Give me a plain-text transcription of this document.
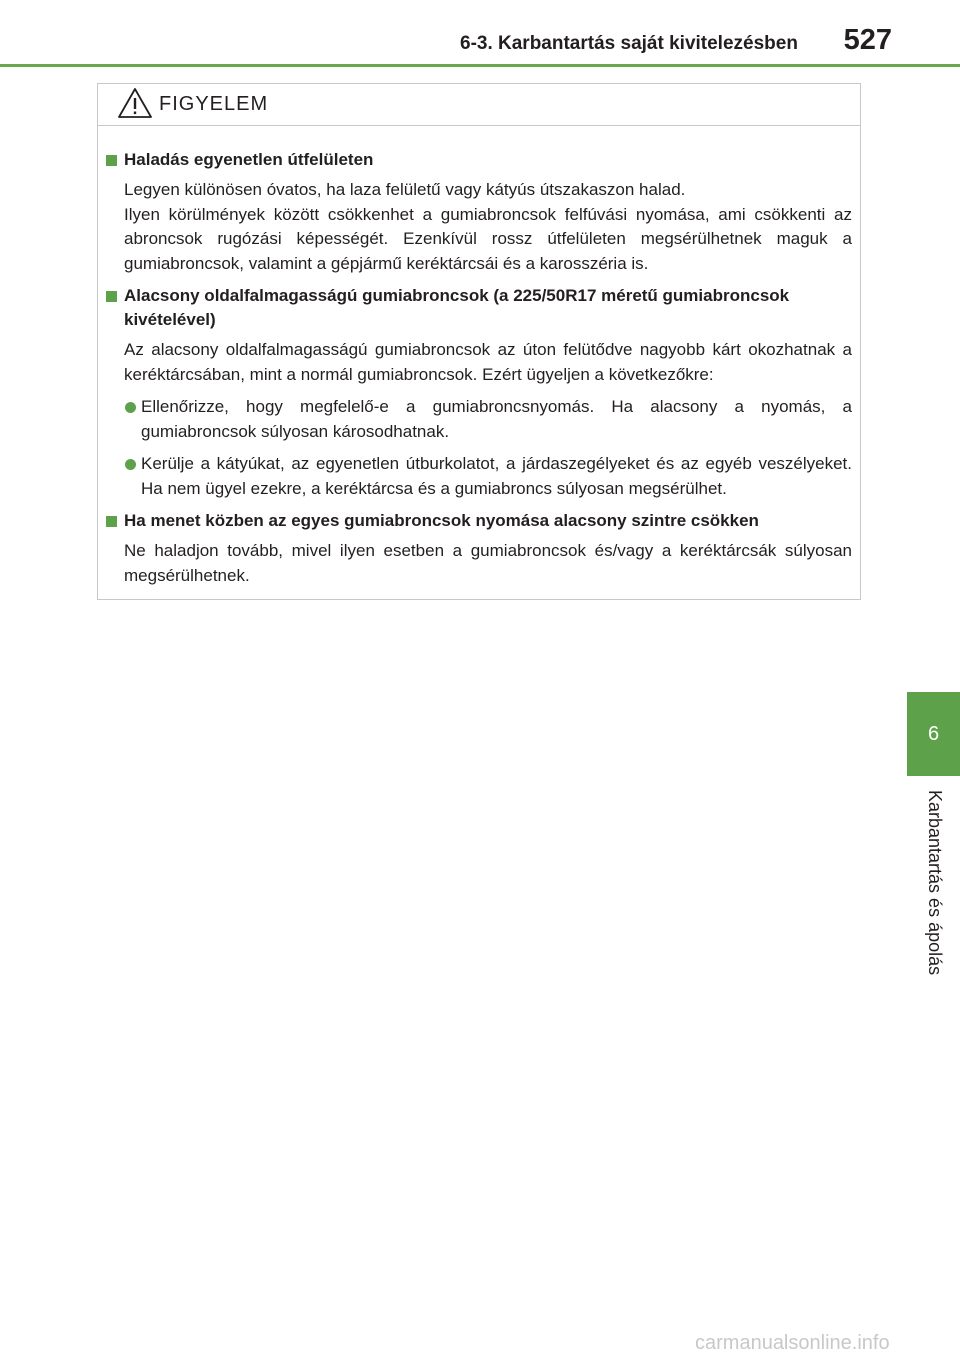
6-3. Karbantartás saját kivitelezésben	527
6
Karbantartás és ápolás
FIGYELEM
Haladás egyenetlen útfelületen

Legyen különösen óvatos, ha laza felületű vagy kátyús útszakaszon halad.

Ilyen körülmények között csökkenhet a gumiabroncsok felfúvási nyomása, ami csökkenti az abroncsok rugózási képességét. Ezenkívül rossz útfelületen megsérülhetnek maguk a gumiabroncsok, valamint a gépjármű keréktárcsái és a karosszéria is.

Alacsony oldalfalmagasságú gumiabroncsok (a 225/50R17 méretű gumiabroncsok kivételével)

Az alacsony oldalfalmagasságú gumiabroncsok az úton felütődve nagyobb kárt okozhatnak a keréktárcsában, mint a normál gumiabroncsok. Ezért ügyeljen a következőkre:

Ellenőrizze, hogy megfelelő-e a gumiabroncsnyomás. Ha alacsony a nyomás, a gumiabroncsok súlyosan károsodhatnak.
Kerülje a kátyúkat, az egyenetlen útburkolatot, a járdaszegélyeket és az egyéb veszélyeket. Ha nem ügyel ezekre, a keréktárcsa és a gumiabroncs súlyosan megsérülhet.
Ha menet közben az egyes gumiabroncsok nyomása alacsony szintre csökken

Ne haladjon tovább, mivel ilyen esetben a gumiabroncsok és/vagy a keréktárcsák súlyosan megsérülhetnek.

carmanualsonline.info
